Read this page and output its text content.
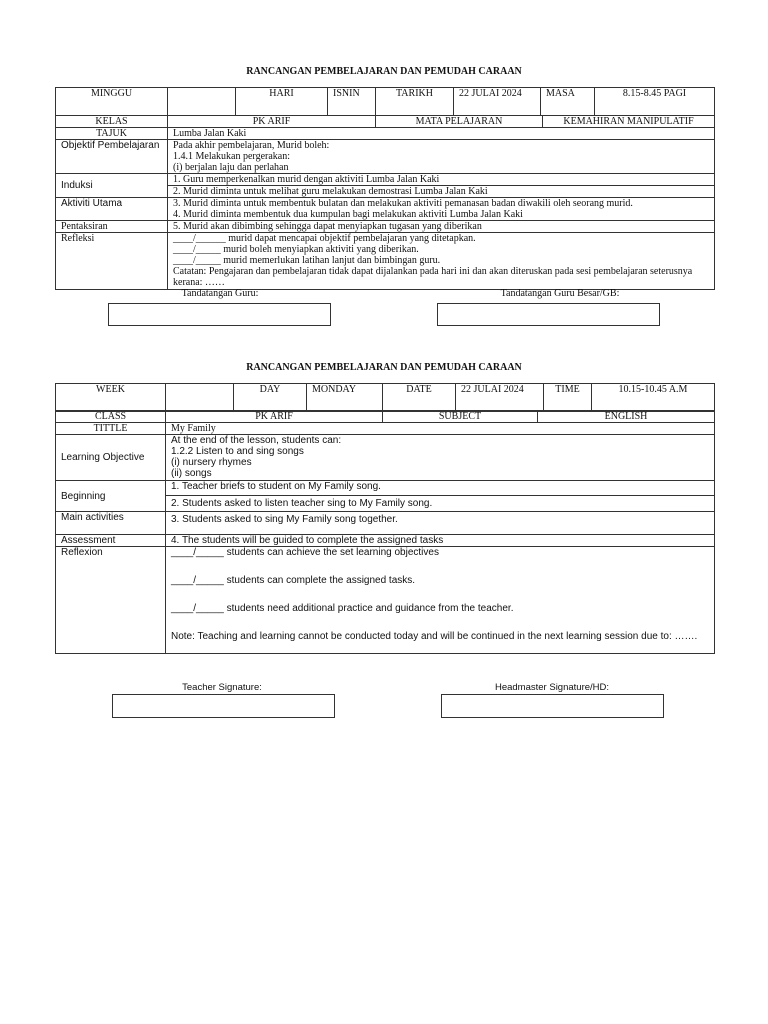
RANCANGAN PEMBELAJARAN DAN PEMUDAH CARAAN
MINGGU		HARI	ISNIN	TARIKH	22 JULAI 2024	MASA	8.15-8.45 PAGI
KELAS	PK ARIF	MATA PELAJARAN	KEMAHIRAN MANIPULATIF
TAJUK	Lumba Jalan Kaki		
Objektif Pembelajaran	Pada akhir pembelajaran, Murid boleh:
1.4.1 Melakukan pergerakan:
(i) berjalan laju dan perlahan		

Induksi	1. Guru memperkenalkan murid dengan aktiviti Lumba Jalan Kaki		
	2. Murid diminta untuk melihat guru melakukan demostrasi Lumba Jalan Kaki		
Aktiviti Utama	3. Murid diminta untuk membentuk bulatan dan melakukan aktiviti pemanasan badan diwakili oleh seorang murid.
4. Murid diminta membentuk dua kumpulan bagi melakukan aktiviti Lumba Jalan Kaki		

Pentaksiran	5. Murid akan dibimbing sehingga dapat menyiapkan tugasan yang diberikan		
Refleksi	____/______ murid dapat mencapai objektif pembelajaran yang ditetapkan.
____/_____ murid boleh menyiapkan aktiviti yang diberikan.
____/_____ murid memerlukan latihan lanjut dan bimbingan guru.
Catatan: Pengajaran dan pembelajaran tidak dapat dijalankan pada hari ini dan akan diteruskan pada sesi pembelajaran seterusnya kerana: ……		
Tandatangan Guru:	Tandatangan Guru Besar/GB:
RANCANGAN PEMBELAJARAN DAN PEMUDAH CARAAN
WEEK		DAY	MONDAY	DATE	22 JULAI 2024	TIME	10.15-10.45 A.M
CLASS	PK ARIF	SUBJECT	ENGLISH
TITTLE	My Family		
Learning Objective	At the end of the lesson, students can:
1.2.2 Listen to and sing songs
(i) nursery rhymes
(ii) songs		

Beginning	1. Teacher briefs to student on My Family song.		
	2. Students asked to listen teacher sing to My Family song.		
Main activities	3. Students asked to sing My Family song together.		
Assessment	4. The students will be guided to complete the assigned tasks		
Reflexion	____/_____ students can achieve the set learning objectives
____/_____ students can complete the assigned tasks.
____/_____ students need additional practice and guidance from the teacher.
Note: Teaching and learning cannot be conducted today and will be continued in the next learning session due to: …….		
Teacher Signature:	Headmaster Signature/HD:
